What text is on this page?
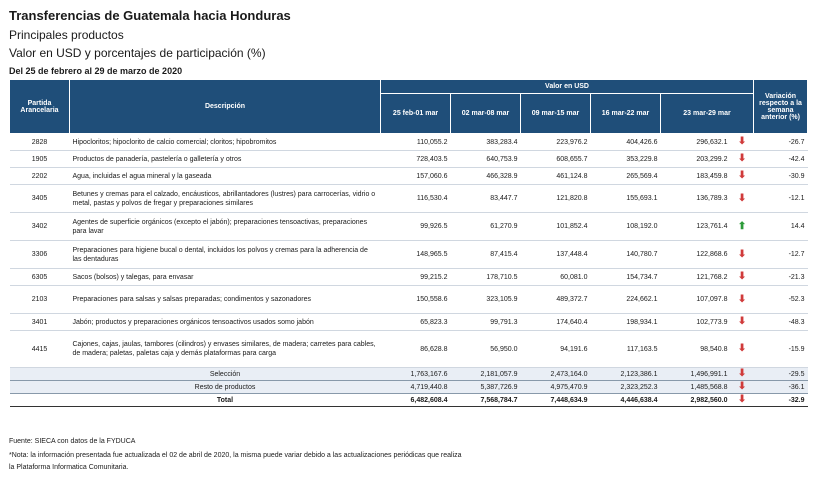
Transferencias de Guatemala hacia Honduras
Principales productos
Valor en USD y porcentajes de participación (%)
Del 25 de febrero al 29 de marzo de 2020
Partida Arancelaria	Descripción	Valor en USD						Variación respecto a la semana anterior (%)
		25 feb-01 mar	02 mar-08 mar	09 mar-15 mar	16 mar-22 mar	23 mar-29 mar		
2828	Hipocloritos; hipoclorito de calcio comercial; cloritos; hipobromitos	110,055.2	383,283.4	223,976.2	404,426.6	296,632.1	⬇	-26.7
1905	Productos de panadería, pastelería o galletería y otros	728,403.5	640,753.9	608,655.7	353,229.8	203,299.2	⬇	-42.4
2202	Agua, incluidas el agua mineral y la gaseada	157,060.6	466,328.9	461,124.8	265,569.4	183,459.8	⬇	-30.9
3405	Betunes y cremas para el calzado, encáusticos, abrillantadores (lustres) para carrocerías, vidrio o metal, pastas y polvos de fregar y preparaciones similares	116,530.4	83,447.7	121,820.8	155,693.1	136,789.3	⬇	-12.1
3402	Agentes de superficie orgánicos (excepto el jabón); preparaciones tensoactivas, preparaciones para lavar	99,926.5	61,270.9	101,852.4	108,192.0	123,761.4	⬆	14.4
3306	Preparaciones para higiene bucal o dental, incluidos los polvos y cremas para la adherencia de las dentaduras	148,965.5	87,415.4	137,448.4	140,780.7	122,868.6	⬇	-12.7
6305	Sacos (bolsos) y talegas, para envasar	99,215.2	178,710.5	60,081.0	154,734.7	121,768.2	⬇	-21.3
2103	Preparaciones para salsas y salsas preparadas; condimentos y sazonadores	150,558.6	323,105.9	489,372.7	224,662.1	107,097.8	⬇	-52.3
3401	Jabón; productos y preparaciones orgánicos tensoactivos usados somo jabón	65,823.3	99,791.3	174,640.4	198,934.1	102,773.9	⬇	-48.3
4415	Cajones, cajas, jaulas, tambores (cilindros) y envases similares, de madera; carretes para cables, de madera; paletas, paletas caja y demás plataformas para carga	86,628.8	56,950.0	94,191.6	117,163.5	98,540.8	⬇	-15.9
	Selección	1,763,167.6	2,181,057.9	2,473,164.0	2,123,386.1	1,496,991.1	⬇	-29.5
	Resto de productos	4,719,440.8	5,387,726.9	4,975,470.9	2,323,252.3	1,485,568.8	⬇	-36.1
	Total	6,482,608.4	7,568,784.7	7,448,634.9	4,446,638.4	2,982,560.0	⬇	-32.9
Fuente: SIECA con datos de la FYDUCA
*Nota: la información presentada fue actualizada el 02 de abril de 2020, la misma puede variar debido a las actualizaciones periódicas que realiza
la Plataforma Informatica Comunitaria.
